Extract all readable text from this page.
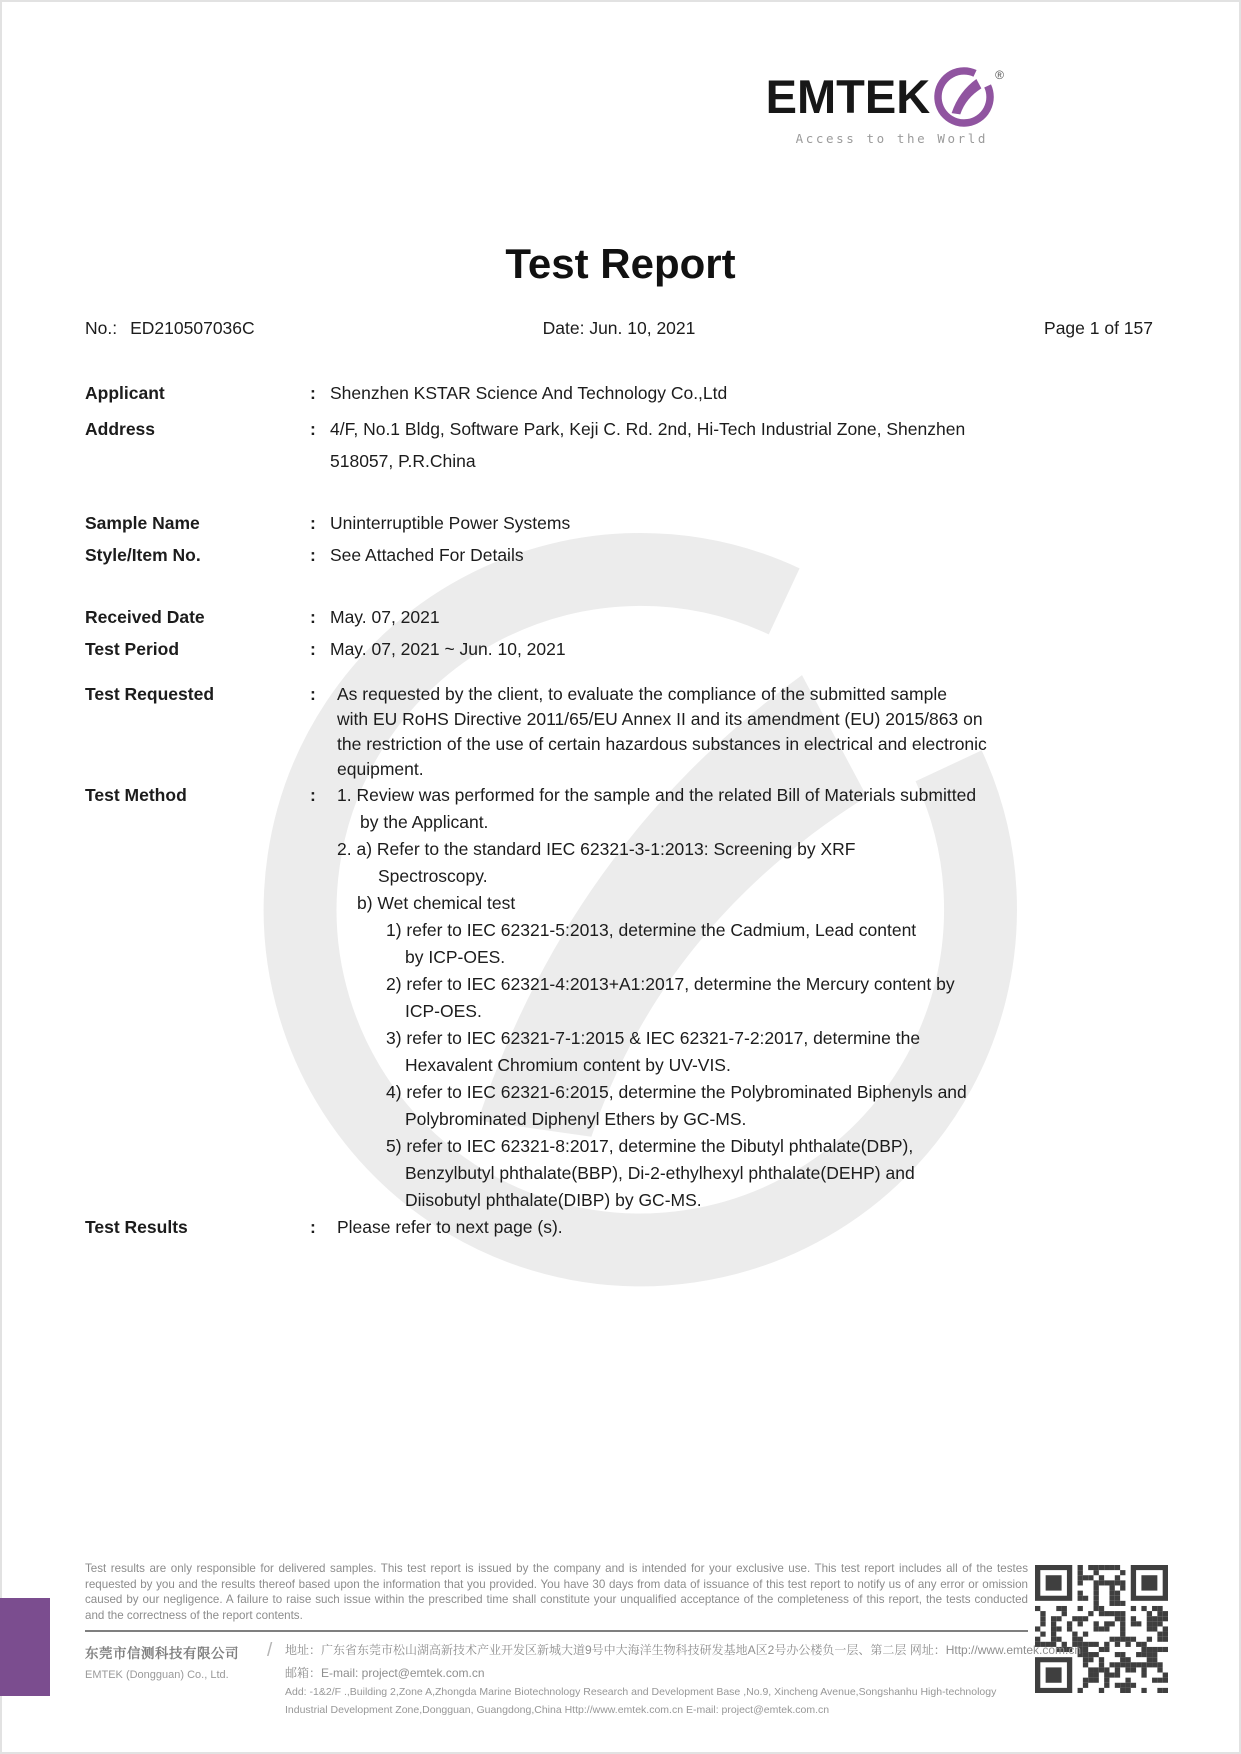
EMTEK	®
Access to the World
Test Report
No.: ED210507036C	Date: Jun. 10, 2021	Page 1 of 157
Applicant	: Shenzhen KSTAR Science And Technology Co.,Ltd
Address	: 4/F, No.1 Bldg, Software Park, Keji C. Rd. 2nd, Hi-Tech Industrial Zone, Shenzhen
518057, P.R.China
Sample Name	: Uninterruptible Power Systems
Style/Item No.	: See Attached For Details
Received Date	: May. 07, 2021
Test Period	: May. 07, 2021 ~ Jun. 10, 2021
Test Requested	:	As requested by the client, to evaluate the compliance of the submitted sample
with EU RoHS Directive 2011/65/EU Annex II and its amendment (EU) 2015/863 on
the restriction of the use of certain hazardous substances in electrical and electronic
equipment.
Test Method	:	1. Review was performed for the sample and the related Bill of Materials submitted
by the Applicant.
2. a) Refer to the standard IEC 62321-3-1:2013: Screening by XRF
Spectroscopy.
b) Wet chemical test
1) refer to IEC 62321-5:2013, determine the Cadmium, Lead content
by ICP-OES.
2) refer to IEC 62321-4:2013+A1:2017, determine the Mercury content by
ICP-OES.
3) refer to IEC 62321-7-1:2015 & IEC 62321-7-2:2017, determine the
Hexavalent Chromium content by UV-VIS.
4) refer to IEC 62321-6:2015, determine the Polybrominated Biphenyls and
Polybrominated Diphenyl Ethers by GC-MS.
5) refer to IEC 62321-8:2017, determine the Dibutyl phthalate(DBP),
Benzylbutyl phthalate(BBP), Di-2-ethylhexyl phthalate(DEHP) and
Diisobutyl phthalate(DIBP) by GC-MS.
Test Results	:	Please refer to next page (s).
Test results are only responsible for delivered samples. This test report is issued by the company and is intended for your exclusive use. This test report includes all of the testes
requested by you and the results thereof based upon the information that you provided. You have 30 days from data of issuance of this test report to notify us of any error or omission
caused by our negligence. A failure to raise such issue within the prescribed time shall constitute your unqualified acceptance of the completeness of this report, the tests conducted
and the correctness of the report contents.
东莞市信测科技有限公司
EMTEK (Dongguan) Co., Ltd.
/	地址：广东省东莞市松山湖高新技术产业开发区新城大道9号中大海洋生物科技研发基地A区2号办公楼负一层、第二层 网址：Http://www.emtek.com.cn
邮箱：E-mail: project@emtek.com.cn
Add: -1&2/F .,Building 2,Zone A,Zhongda Marine Biotechnology Research and Development Base ,No.9, Xincheng Avenue,Songshanhu High-technology
Industrial Development Zone,Dongguan, Guangdong,China Http://www.emtek.com.cn E-mail: project@emtek.com.cn
